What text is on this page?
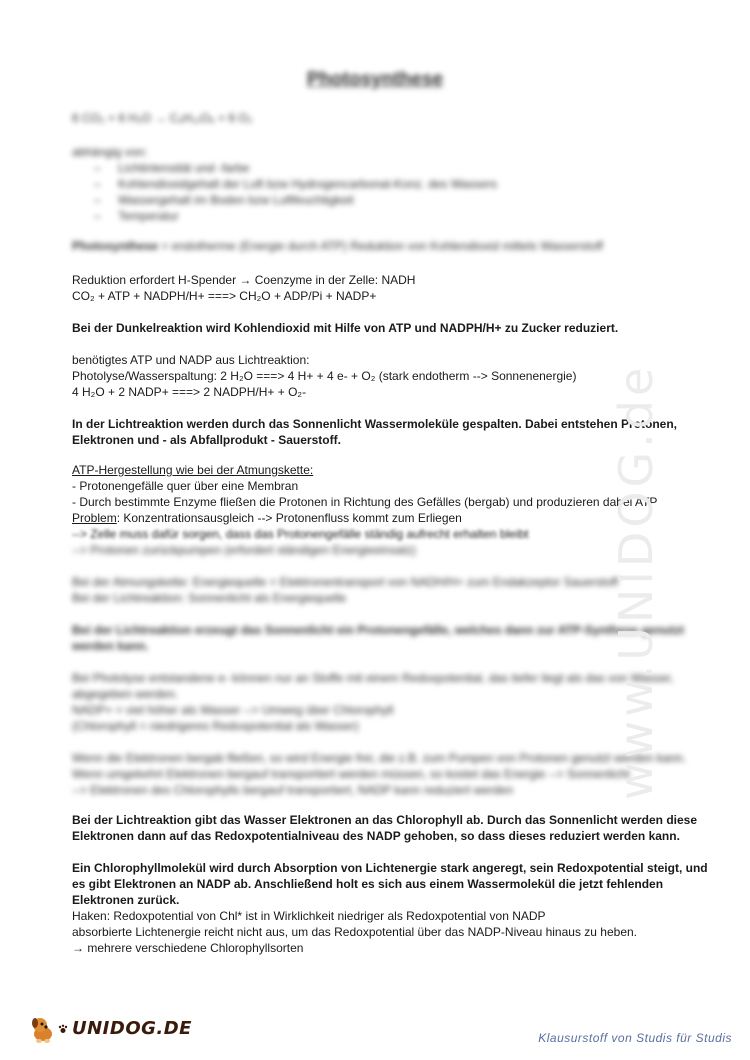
Photosynthese
6 CO₂ + 6 H₂O → C₆H₁₂O₆ + 6 O₂
abhängig von:
– Lichtintensität und -farbe
– Kohlendioxidgehalt der Luft bzw Hydrogencarbonat-Konz. des Wassers
– Wassergehalt im Boden bzw Luftfeuchtigkeit
– Temperatur
Photosynthese = endotherme (Energie durch ATP) Reduktion von Kohlendioxid mittels Wasserstoff
Reduktion erfordert H-Spender → Coenzyme in der Zelle: NADH
CO₂ + ATP + NADPH/H+ ===> CH₂O + ADP/Pi + NADP+
Bei der Dunkelreaktion wird Kohlendioxid mit Hilfe von ATP und NADPH/H+ zu Zucker reduziert.
benötigtes ATP und NADP aus Lichtreaktion:
Photolyse/Wasserspaltung: 2 H₂O ===> 4 H+ + 4 e- + O₂ (stark endotherm --> Sonnenenergie)
4 H₂O + 2 NADP+ ===> 2 NADPH/H+ + O₂-
In der Lichtreaktion werden durch das Sonnenlicht Wassermoleküle gespalten. Dabei entstehen Protonen,
Elektronen und - als Abfallprodukt - Sauerstoff.
ATP-Hergestellung wie bei der Atmungskette:
- Protonengefälle quer über eine Membran
- Durch bestimmte Enzyme fließen die Protonen in Richtung des Gefälles (bergab) und produzieren dabei ATP
Problem: Konzentrationsausgleich --> Protonenfluss kommt zum Erliegen
--> Zelle muss dafür sorgen, dass das Protonengefälle ständig aufrecht erhalten bleibt
--> Protonen zurückpumpen (erfordert ständigen Energieeinsatz)
Bei der Atmungskette: Energiequelle = Elektronentransport von NADH/H+ zum Endakzeptor Sauerstoff
Bei der Lichtreaktion: Sonnenlicht als Energiequelle
Bei der Lichtreaktion erzeugt das Sonnenlicht ein Protonengefälle, welches dann zur ATP-Synthese genutzt
werden kann.
Bei Photolyse entstandene e- können nur an Stoffe mit einem Redoxpotential, das tiefer liegt als das von Wasser,
abgegeben werden.
NADP+ = viel höher als Wasser --> Umweg über Chlorophyll
(Chlorophyll = niedrigeres Redoxpotential als Wasser)
Wenn die Elektronen bergab fließen, so wird Energie frei, die z.B. zum Pumpen von Protonen genutzt werden kann.
Wenn umgekehrt Elektronen bergauf transportiert werden müssen, so kostet das Energie --> Sonnenlicht
--> Elektronen des Chlorophylls bergauf transportiert, NADP kann reduziert werden
Bei der Lichtreaktion gibt das Wasser Elektronen an das Chlorophyll ab. Durch das Sonnenlicht werden diese
Elektronen dann auf das Redoxpotentialniveau des NADP gehoben, so dass dieses reduziert werden kann.
Ein Chlorophyllmolekül wird durch Absorption von Lichtenergie stark angeregt, sein Redoxpotential steigt, und
es gibt Elektronen an NADP ab. Anschließend holt es sich aus einem Wassermolekül die jetzt fehlenden
Elektronen zurück.
Haken: Redoxpotential von Chl* ist in Wirklichkeit niedriger als Redoxpotential von NADP
absorbierte Lichtenergie reicht nicht aus, um das Redoxpotential über das NADP-Niveau hinaus zu heben.
→ mehrere verschiedene Chlorophyllsorten
www.UNIDOG.de
UNIDOG.DE	Klausurstoff von Studis für Studis
